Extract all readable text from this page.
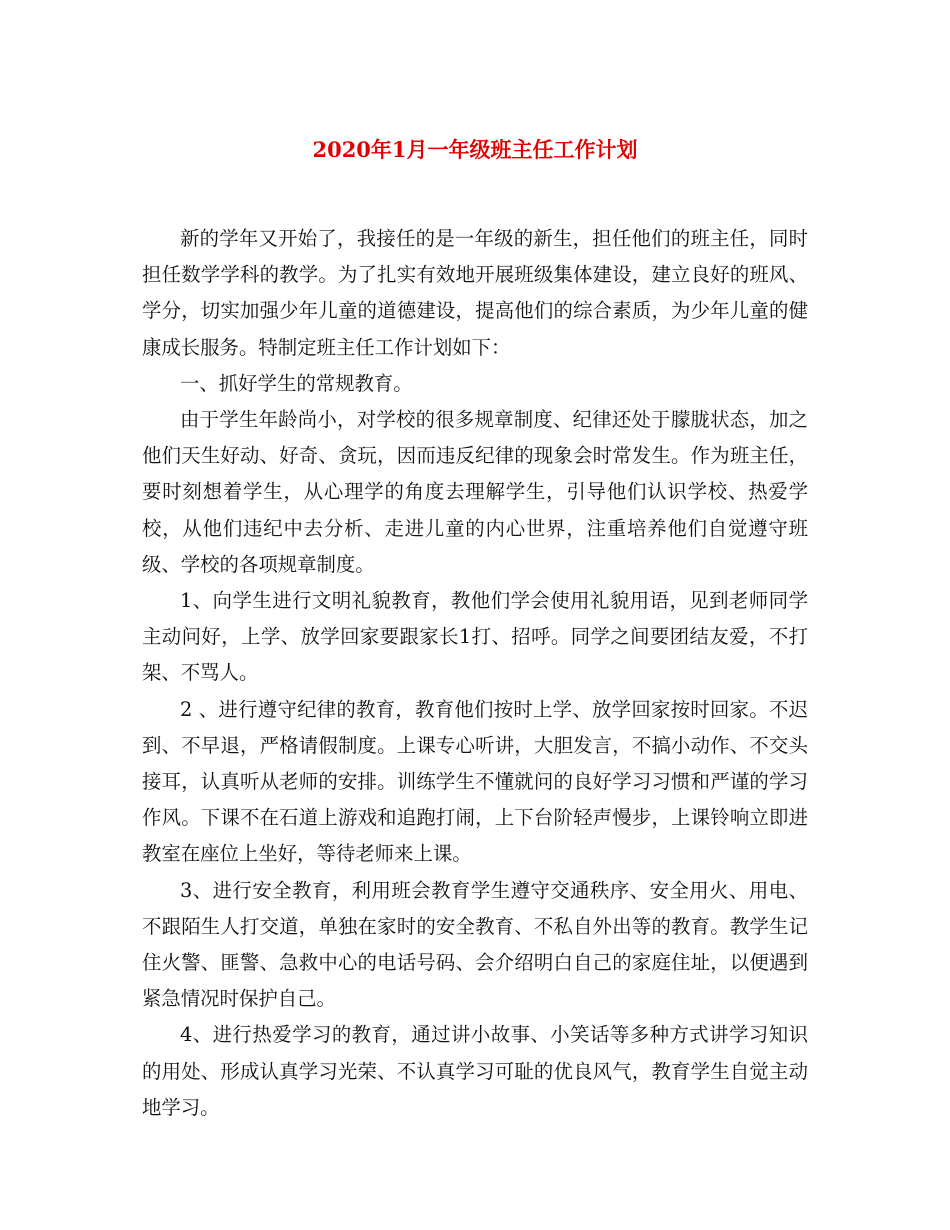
2020年1月一年级班主任工作计划

新的学年又开始了，我接任的是一年级的新生，担任他们的班主任，同时担任数学学科的教学。为了扎实有效地开展班级集体建设，建立良好的班风、学分，切实加强少年儿童的道德建设，提高他们的综合素质，为少年儿童的健康成长服务。特制定班主任工作计划如下：

一、抓好学生的常规教育。

由于学生年龄尚小，对学校的很多规章制度、纪律还处于朦胧状态，加之他们天生好动、好奇、贪玩，因而违反纪律的现象会时常发生。作为班主任，要时刻想着学生，从心理学的角度去理解学生，引导他们认识学校、热爱学校，从他们违纪中去分析、走进儿童的内心世界，注重培养他们自觉遵守班级、学校的各项规章制度。

1、向学生进行文明礼貌教育，教他们学会使用礼貌用语，见到老师同学主动问好，上学、放学回家要跟家长1打、招呼。同学之间要团结友爱，不打架、不骂人。

2 、进行遵守纪律的教育，教育他们按时上学、放学回家按时回家。不迟到、不早退，严格请假制度。上课专心听讲，大胆发言，不搞小动作、不交头接耳，认真听从老师的安排。训练学生不懂就问的良好学习习惯和严谨的学习作风。下课不在石道上游戏和追跑打闹，上下台阶轻声慢步，上课铃响立即进教室在座位上坐好，等待老师来上课。

3、进行安全教育，利用班会教育学生遵守交通秩序、安全用火、用电、不跟陌生人打交道，单独在家时的安全教育、不私自外出等的教育。教学生记住火警、匪警、急救中心的电话号码、会介绍明白自己的家庭住址，以便遇到紧急情况时保护自己。

4、进行热爱学习的教育，通过讲小故事、小笑话等多种方式讲学习知识的用处、形成认真学习光荣、不认真学习可耻的优良风气，教育学生自觉主动地学习。
